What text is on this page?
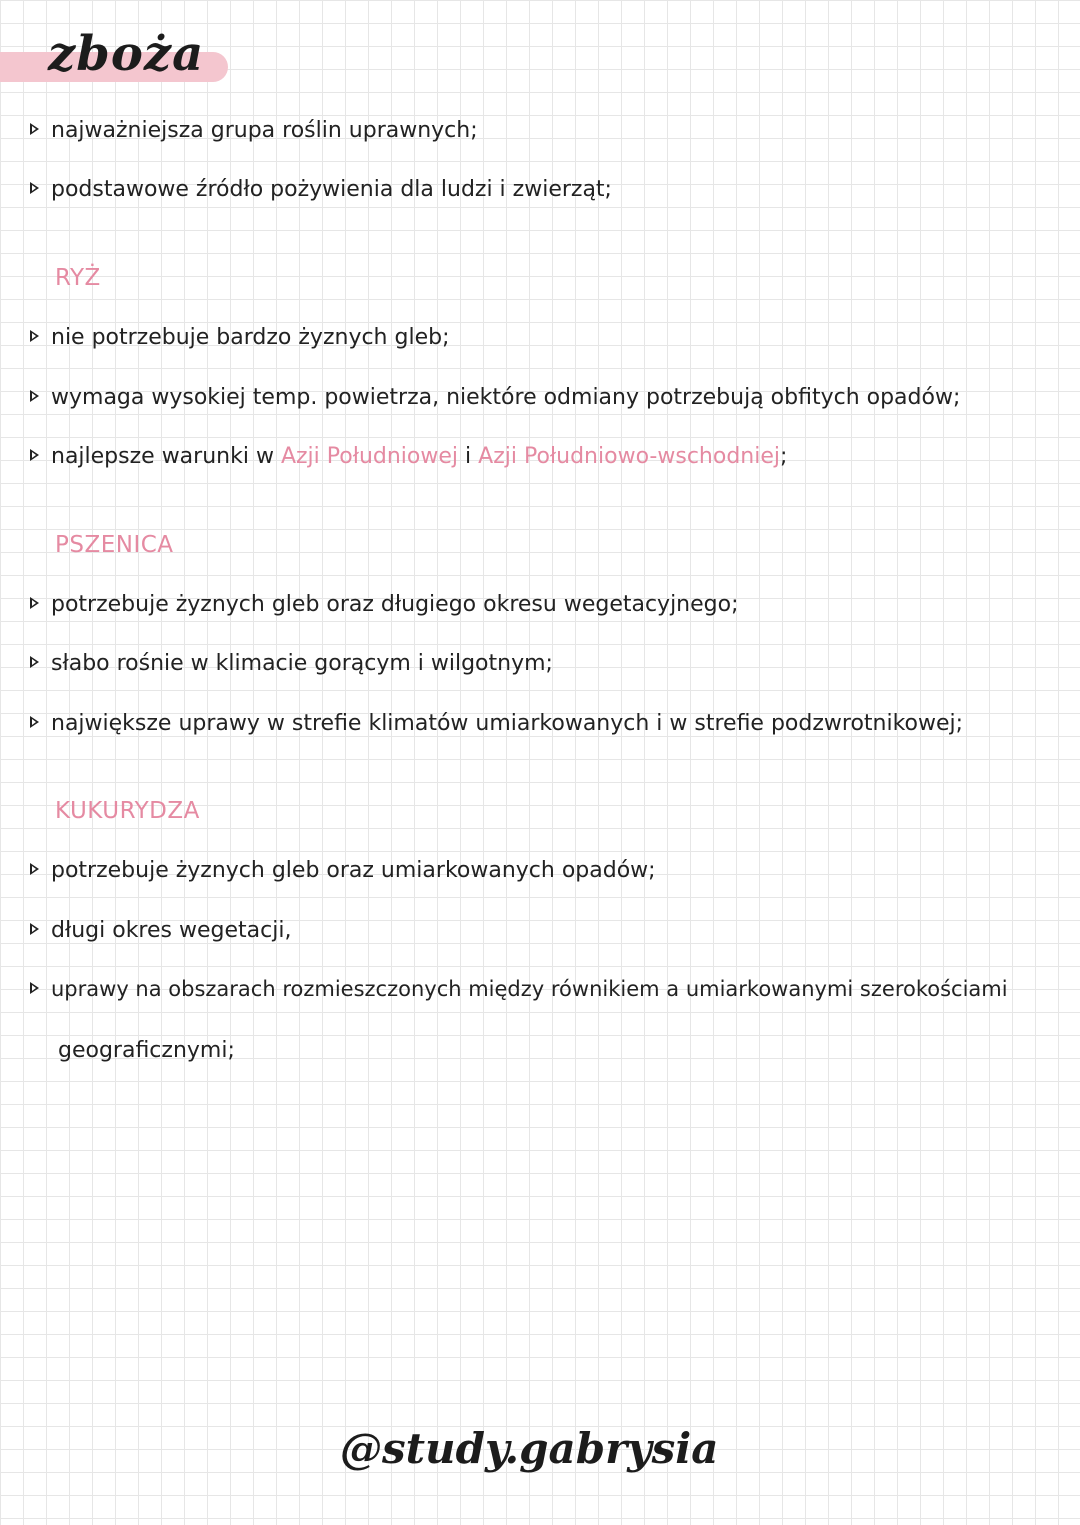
zboża
najważniejsza grupa roślin uprawnych;
podstawowe źródło pożywienia dla ludzi i zwierząt;
RYŻ
nie potrzebuje bardzo żyznych gleb;
wymaga wysokiej temp. powietrza, niektóre odmiany potrzebują obfitych opadów;
najlepsze warunki w
Azji Południowej
i
Azji Południowo-wschodniej ;
PSZENICA
potrzebuje żyznych gleb oraz długiego okresu wegetacyjnego;
słabo rośnie w klimacie gorącym i wilgotnym;
największe uprawy w strefie klimatów umiarkowanych i w strefie podzwrotnikowej;
KUKURYDZA
potrzebuje żyznych gleb oraz umiarkowanych opadów;
długi okres wegetacji,
uprawy na obszarach rozmieszczonych między równikiem a umiarkowanymi szerokościami
geograficznymi;
@study.gabrysia
